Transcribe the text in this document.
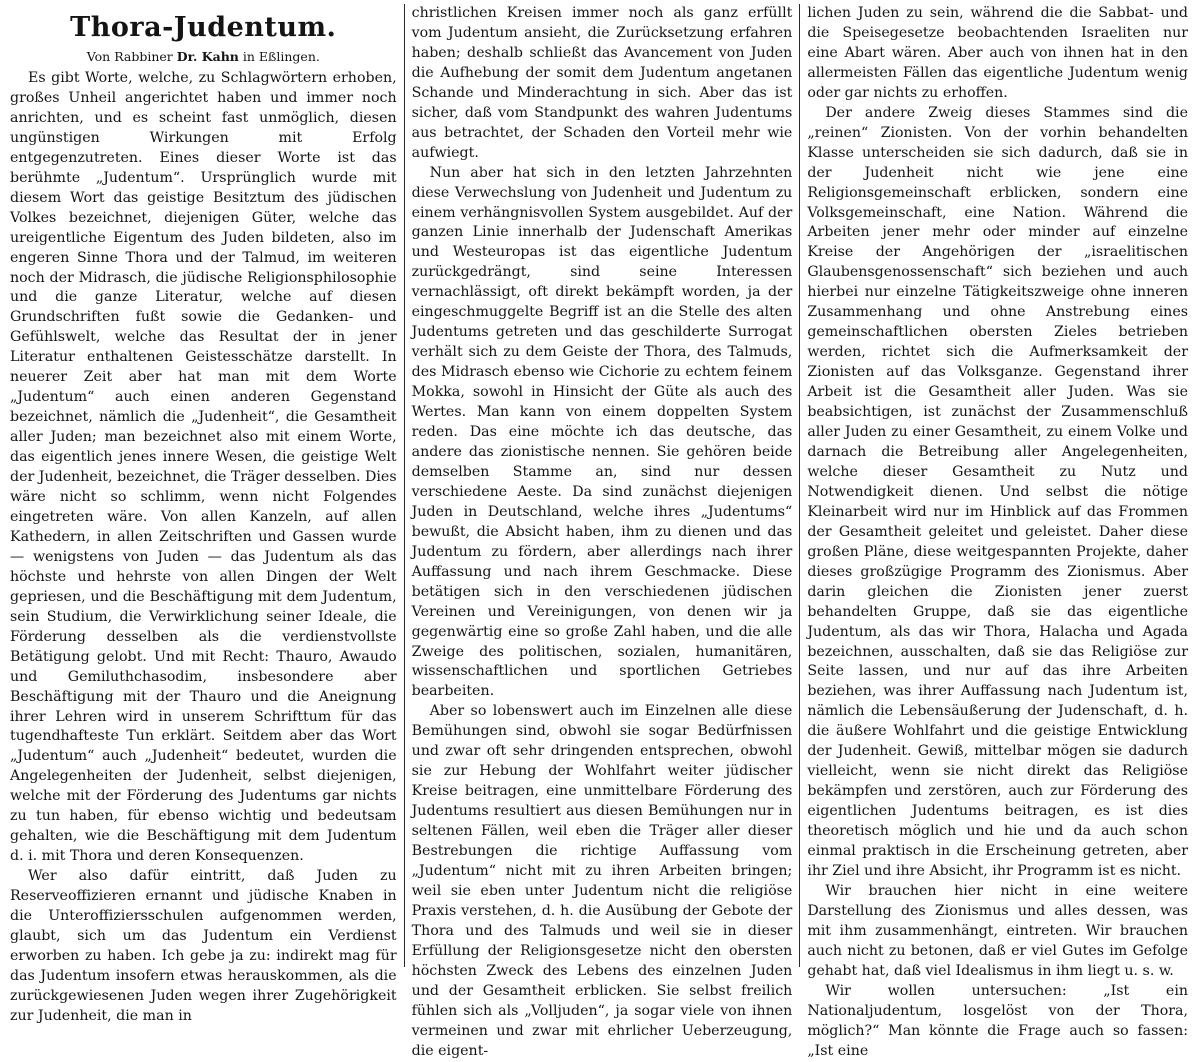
Thora-Judentum.
Von Rabbiner Dr. Kahn in Eßlingen.

Es gibt Worte, welche, zu Schlagwörtern erhoben, großes Unheil angerichtet haben und immer noch anrichten, und es scheint fast unmöglich, diesen ungünstigen Wirkungen mit Erfolg entgegenzutreten. Eines dieser Worte ist das berühmte „Judentum“. Ursprünglich wurde mit diesem Wort das geistige Besitztum des jüdischen Volkes bezeichnet, diejenigen Güter, welche das ureigentliche Eigentum des Juden bildeten, also im engeren Sinne Thora und der Talmud, im weiteren noch der Midrasch, die jüdische Religionsphilosophie und die ganze Literatur, welche auf diesen Grundschriften fußt sowie die Gedanken- und Gefühlswelt, welche das Resultat der in jener Literatur enthaltenen Geistesschätze darstellt. In neuerer Zeit aber hat man mit dem Worte „Judentum“ auch einen anderen Gegenstand bezeichnet, nämlich die „Judenheit“, die Gesamtheit aller Juden; man bezeichnet also mit einem Worte, das eigentlich jenes innere Wesen, die geistige Welt der Judenheit, bezeichnet, die Träger desselben. Dies wäre nicht so schlimm, wenn nicht Folgendes eingetreten wäre. Von allen Kanzeln, auf allen Kathedern, in allen Zeitschriften und Gassen wurde — wenigstens von Juden — das Judentum als das höchste und hehrste von allen Dingen der Welt gepriesen, und die Beschäftigung mit dem Judentum, sein Studium, die Verwirklichung seiner Ideale, die Förderung desselben als die verdienstvollste Betätigung gelobt. Und mit Recht: Thauro, Awaudo und Gemiluthchasodim, insbesondere aber Beschäftigung mit der Thauro und die Aneignung ihrer Lehren wird in unserem Schrifttum für das tugendhafteste Tun erklärt. Seitdem aber das Wort „Judentum“ auch „Judenheit“ bedeutet, wurden die Angelegenheiten der Judenheit, selbst diejenigen, welche mit der Förderung des Judentums gar nichts zu tun haben, für ebenso wichtig und bedeutsam gehalten, wie die Beschäftigung mit dem Judentum d. i. mit Thora und deren Konsequenzen.

Wer also dafür eintritt, daß Juden zu Reserveoffizieren ernannt und jüdische Knaben in die Unteroffiziersschulen aufgenommen werden, glaubt, sich um das Judentum ein Verdienst erworben zu haben. Ich gebe ja zu: indirekt mag für das Judentum insofern etwas herauskommen, als die zurückgewiesenen Juden wegen ihrer Zugehörigkeit zur Judenheit, die man in

christlichen Kreisen immer noch als ganz erfüllt vom Judentum ansieht, die Zurücksetzung erfahren haben; deshalb schließt das Avancement von Juden die Aufhebung der somit dem Judentum angetanen Schande und Minderachtung in sich. Aber das ist sicher, daß vom Standpunkt des wahren Judentums aus betrachtet, der Schaden den Vorteil mehr wie aufwiegt.

Nun aber hat sich in den letzten Jahrzehnten diese Verwechslung von Judenheit und Judentum zu einem verhängnisvollen System ausgebildet. Auf der ganzen Linie innerhalb der Judenschaft Amerikas und Westeuropas ist das eigentliche Judentum zurückgedrängt, sind seine Interessen vernachlässigt, oft direkt bekämpft worden, ja der eingeschmuggelte Begriff ist an die Stelle des alten Judentums getreten und das geschilderte Surrogat verhält sich zu dem Geiste der Thora, des Talmuds, des Midrasch ebenso wie Cichorie zu echtem feinem Mokka, sowohl in Hinsicht der Güte als auch des Wertes. Man kann von einem doppelten System reden. Das eine möchte ich das deutsche, das andere das zionistische nennen. Sie gehören beide demselben Stamme an, sind nur dessen verschiedene Aeste. Da sind zunächst diejenigen Juden in Deutschland, welche ihres „Judentums“ bewußt, die Absicht haben, ihm zu dienen und das Judentum zu fördern, aber allerdings nach ihrer Auffassung und nach ihrem Geschmacke. Diese betätigen sich in den verschiedenen jüdischen Vereinen und Vereinigungen, von denen wir ja gegenwärtig eine so große Zahl haben, und die alle Zweige des politischen, sozialen, humanitären, wissenschaftlichen und sportlichen Getriebes bearbeiten.

Aber so lobenswert auch im Einzelnen alle diese Bemühungen sind, obwohl sie sogar Bedürfnissen und zwar oft sehr dringenden entsprechen, obwohl sie zur Hebung der Wohlfahrt weiter jüdischer Kreise beitragen, eine unmittelbare Förderung des Judentums resultiert aus diesen Bemühungen nur in seltenen Fällen, weil eben die Träger aller dieser Bestrebungen die richtige Auffassung vom „Judentum“ nicht mit zu ihren Arbeiten bringen; weil sie eben unter Judentum nicht die religiöse Praxis verstehen, d. h. die Ausübung der Gebote der Thora und des Talmuds und weil sie in dieser Erfüllung der Religionsgesetze nicht den obersten höchsten Zweck des Lebens des einzelnen Juden und der Gesamtheit erblicken. Sie selbst freilich fühlen sich als „Volljuden“, ja sogar viele von ihnen vermeinen und zwar mit ehrlicher Ueberzeugung, die eigent-

lichen Juden zu sein, während die die Sabbat- und die Speisegesetze beobachtenden Israeliten nur eine Abart wären. Aber auch von ihnen hat in den allermeisten Fällen das eigentliche Judentum wenig oder gar nichts zu erhoffen.

Der andere Zweig dieses Stammes sind die „reinen“ Zionisten. Von der vorhin behandelten Klasse unterscheiden sie sich dadurch, daß sie in der Judenheit nicht wie jene eine Religionsgemeinschaft erblicken, sondern eine Volksgemeinschaft, eine Nation. Während die Arbeiten jener mehr oder minder auf einzelne Kreise der Angehörigen der „israelitischen Glaubensgenossenschaft“ sich beziehen und auch hierbei nur einzelne Tätigkeitszweige ohne inneren Zusammenhang und ohne Anstrebung eines gemeinschaftlichen obersten Zieles betrieben werden, richtet sich die Aufmerksamkeit der Zionisten auf das Volksganze. Gegenstand ihrer Arbeit ist die Gesamtheit aller Juden. Was sie beabsichtigen, ist zunächst der Zusammenschluß aller Juden zu einer Gesamtheit, zu einem Volke und darnach die Betreibung aller Angelegenheiten, welche dieser Gesamtheit zu Nutz und Notwendigkeit dienen. Und selbst die nötige Kleinarbeit wird nur im Hinblick auf das Frommen der Gesamtheit geleitet und geleistet. Daher diese großen Pläne, diese weitgespannten Projekte, daher dieses großzügige Programm des Zionismus. Aber darin gleichen die Zionisten jener zuerst behandelten Gruppe, daß sie das eigentliche Judentum, als das wir Thora, Halacha und Agada bezeichnen, ausschalten, daß sie das Religiöse zur Seite lassen, und nur auf das ihre Arbeiten beziehen, was ihrer Auffassung nach Judentum ist, nämlich die Lebensäußerung der Judenschaft, d. h. die äußere Wohlfahrt und die geistige Entwicklung der Judenheit. Gewiß, mittelbar mögen sie dadurch vielleicht, wenn sie nicht direkt das Religiöse bekämpfen und zerstören, auch zur Förderung des eigentlichen Judentums beitragen, es ist dies theoretisch möglich und hie und da auch schon einmal praktisch in die Erscheinung getreten, aber ihr Ziel und ihre Absicht, ihr Programm ist es nicht.

Wir brauchen hier nicht in eine weitere Darstellung des Zionismus und alles dessen, was mit ihm zusammenhängt, eintreten. Wir brauchen auch nicht zu betonen, daß er viel Gutes im Gefolge gehabt hat, daß viel Idealismus in ihm liegt u. s. w.

Wir wollen untersuchen: „Ist ein Nationaljudentum, losgelöst von der Thora, möglich?“ Man könnte die Frage auch so fassen: „Ist eine
